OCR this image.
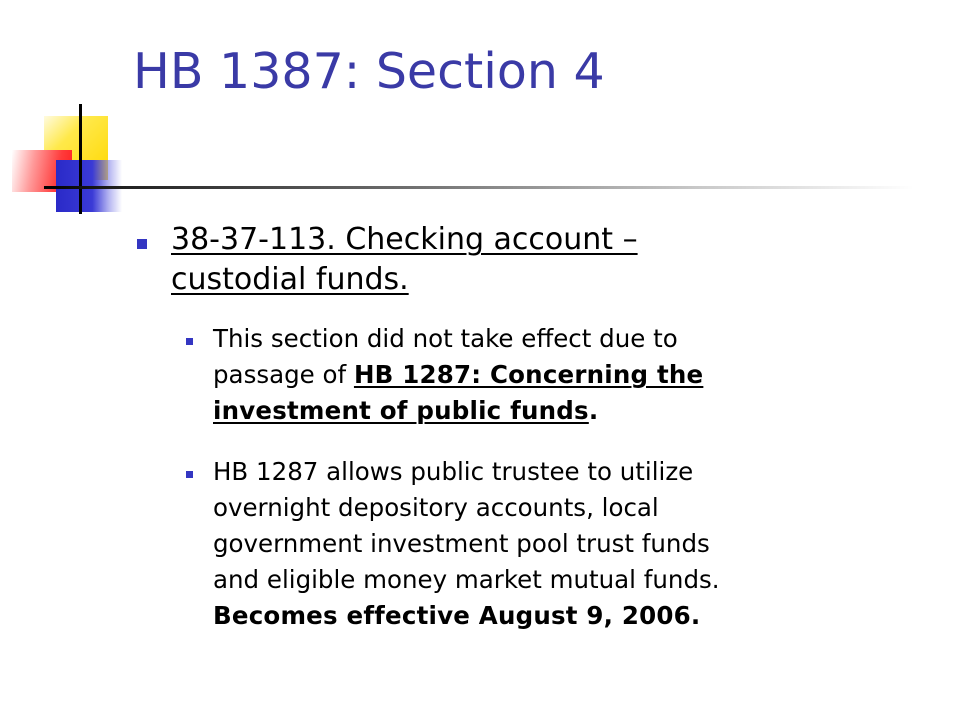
HB 1387: Section 4
38-37-113. Checking account –
custodial funds.
This section did not take effect due to
passage of HB 1287: Concerning the
investment of public funds.
HB 1287 allows public trustee to utilize
overnight depository accounts, local
government investment pool trust funds
and eligible money market mutual funds.
Becomes effective August 9, 2006.
